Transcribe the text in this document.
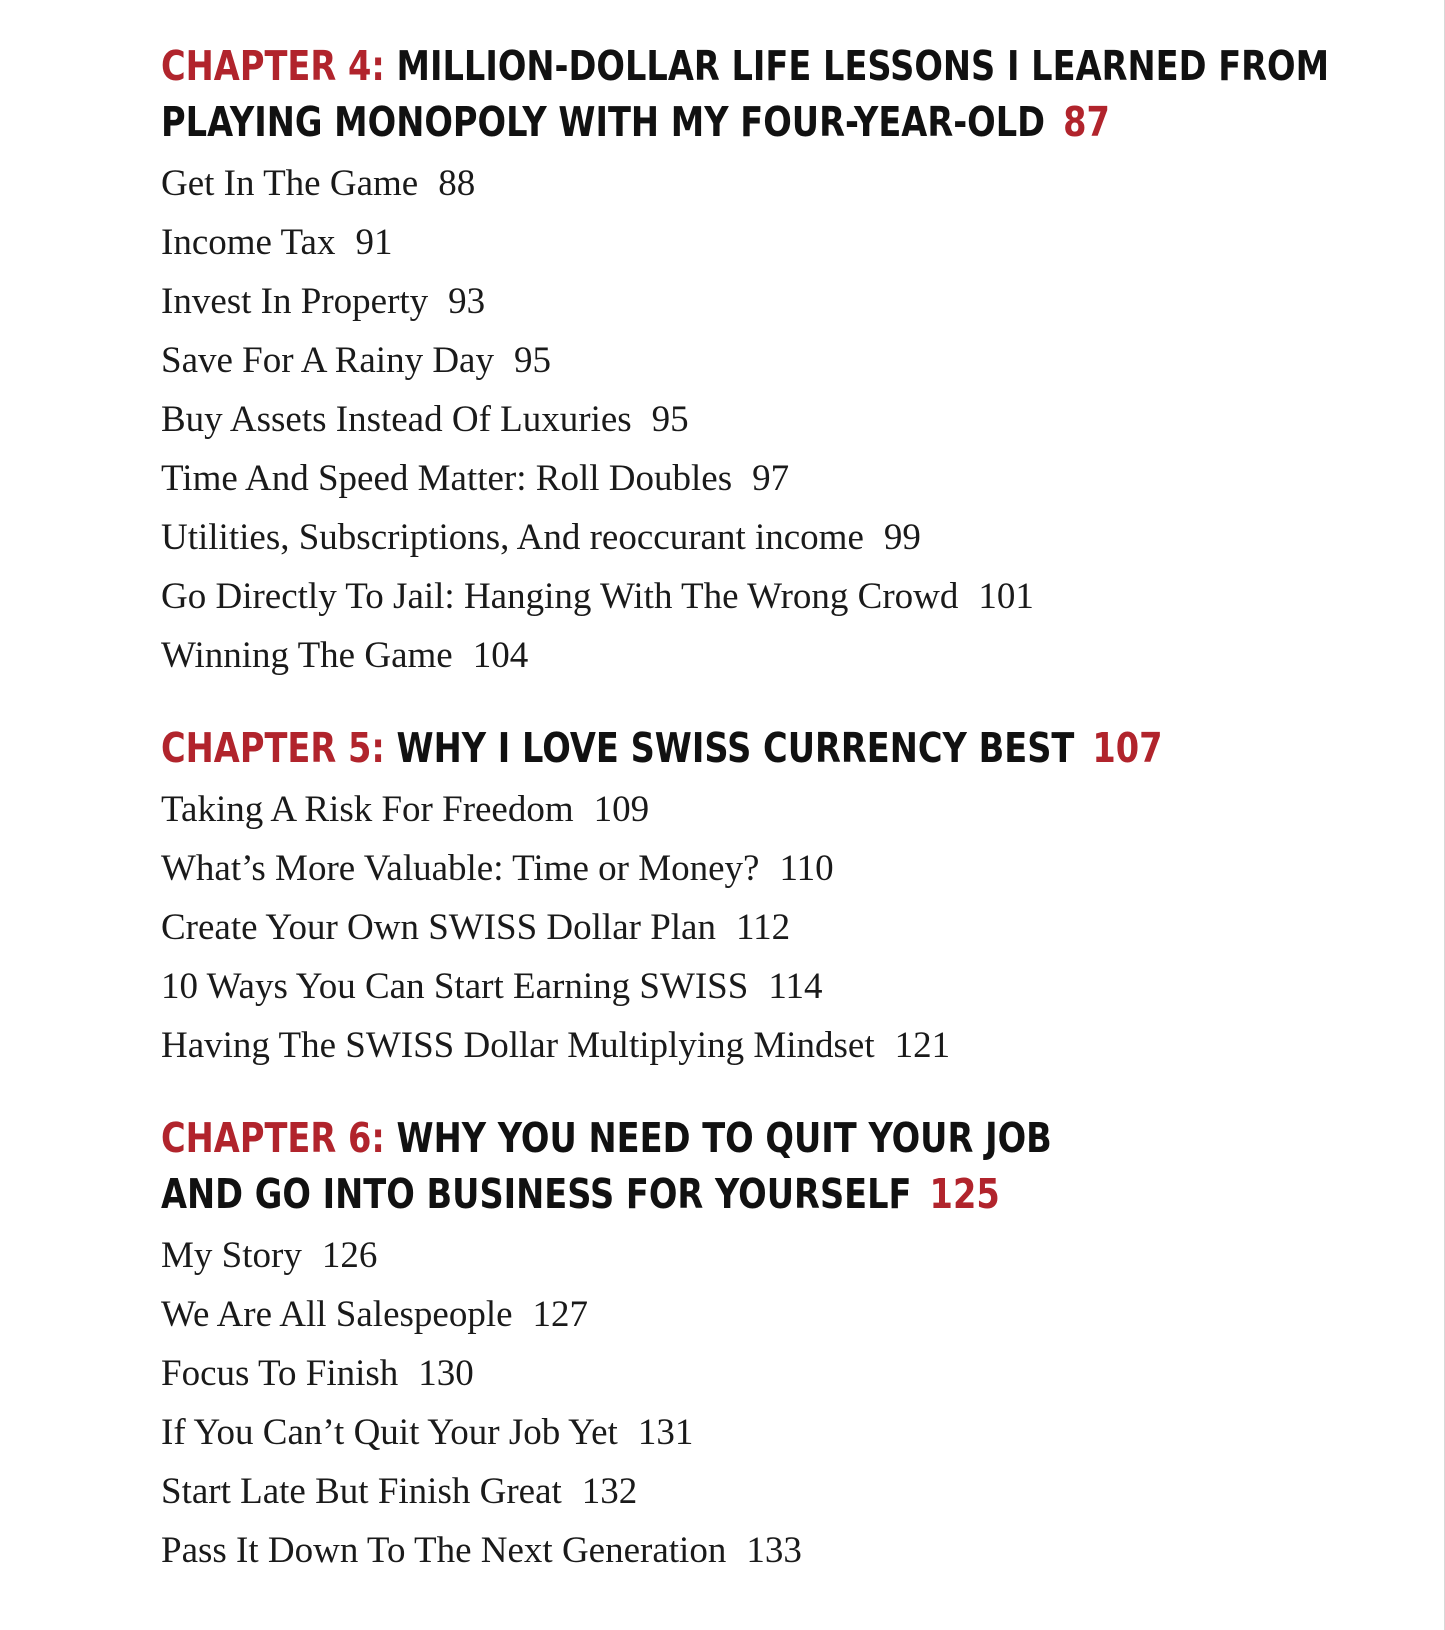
CHAPTER 4: MILLION-DOLLAR LIFE LESSONS I LEARNED FROM
PLAYING MONOPOLY WITH MY FOUR-YEAR-OLD 87
Get In The Game 88
Income Tax 91
Invest In Property 93
Save For A Rainy Day 95
Buy Assets Instead Of Luxuries 95
Time And Speed Matter: Roll Doubles 97
Utilities, Subscriptions, And reoccurant income 99
Go Directly To Jail: Hanging With The Wrong Crowd 101
Winning The Game 104
CHAPTER 5: WHY I LOVE SWISS CURRENCY BEST 107
Taking A Risk For Freedom 109
What’s More Valuable: Time or Money? 110
Create Your Own SWISS Dollar Plan 112
10 Ways You Can Start Earning SWISS 114
Having The SWISS Dollar Multiplying Mindset 121
CHAPTER 6: WHY YOU NEED TO QUIT YOUR JOB
AND GO INTO BUSINESS FOR YOURSELF 125
My Story 126
We Are All Salespeople 127
Focus To Finish 130
If You Can’t Quit Your Job Yet 131
Start Late But Finish Great 132
Pass It Down To The Next Generation 133
